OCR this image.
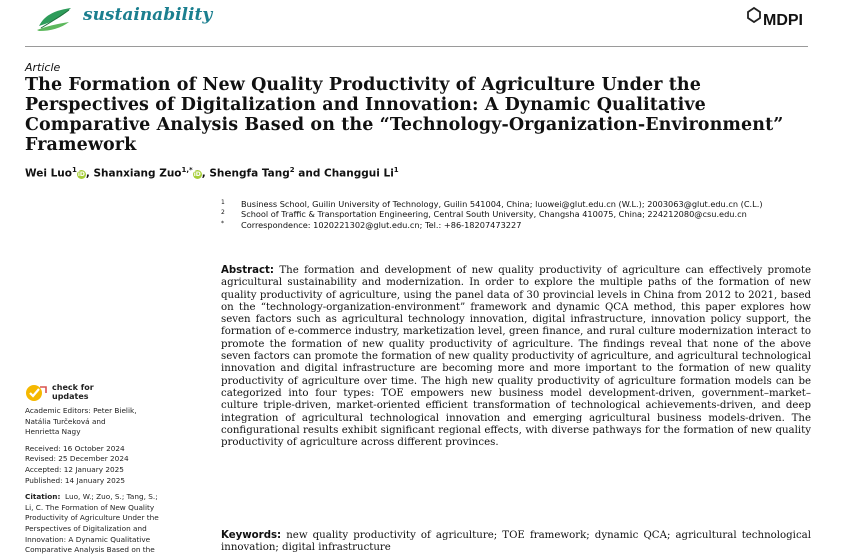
sustainability	MDPI
Article
The Formation of New Quality Productivity of Agriculture Under the Perspectives of Digitalization and Innovation: A Dynamic Qualitative Comparative Analysis Based on the “Technology-Organization-Environment” Framework
Wei Luo$^1$iD, Shanxiang Zuo$^{1,*}$iD, Shengfa Tang$^2$ and Changgui Li$^1$
1 Business School, Guilin University of Technology, Guilin 541004, China; luowei@glut.edu.cn (W.L.); 2003063@glut.edu.cn (C.L.)
2 School of Traffic & Transportation Engineering, Central South University, Changsha 410075, China; 224212080@csu.edu.cn
* Correspondence: 1020221302@glut.edu.cn; Tel.: +86-18207473227
Abstract: The formation and development of new quality productivity of agriculture can effectively promote agricultural sustainability and modernization. In order to explore the multiple paths of the formation of new quality productivity of agriculture, using the panel data of 30 provincial levels in China from 2012 to 2021, based on the “technology-organization-environment” framework and dynamic QCA method, this paper explores how seven factors such as agricultural technology innovation, digital infrastructure, innovation policy support, the formation of e-commerce industry, marketization level, green finance, and rural culture modernization interact to promote the formation of new quality productivity of agriculture. The findings reveal that none of the above seven factors can promote the formation of new quality productivity of agriculture, and agricultural technological innovation and digital infrastructure are becoming more and more important to the formation of new quality productivity of agriculture over time. The high new quality productivity of agriculture formation models can be categorized into four types: TOE empowers new business model development-driven, government–market–culture triple-driven, market-oriented efficient transformation of technological achievements-driven, and deep integration of agricultural technological innovation and emerging agricultural business models-driven. The configurational results exhibit significant regional effects, with diverse pathways for the formation of new quality productivity of agriculture across different provinces.
Keywords: new quality productivity of agriculture; TOE framework; dynamic QCA; agricultural technological innovation; digital infrastructure
check for
updates
Academic Editors: Peter Bielik,
Natália Turčeková and
Henrietta Nagy
Received: 16 October 2024
Revised: 25 December 2024
Accepted: 12 January 2025
Published: 14 January 2025
Citation: Luo, W.; Zuo, S.; Tang, S.;
Li, C. The Formation of New Quality
Productivity of Agriculture Under the
Perspectives of Digitalization and
Innovation: A Dynamic Qualitative
Comparative Analysis Based on the
